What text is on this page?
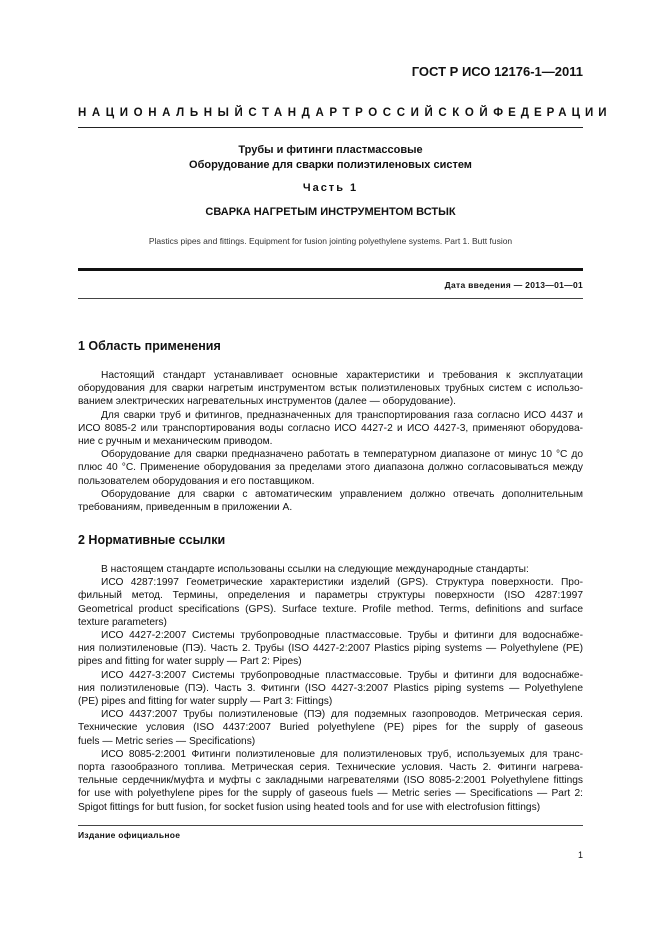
ГОСТ Р ИСО 12176-1—2011
НАЦИОНАЛЬНЫЙ СТАНДАРТ РОССИЙСКОЙ ФЕДЕРАЦИИ
Трубы и фитинги пластмассовые
Оборудование для сварки полиэтиленовых систем
Часть 1
СВАРКА НАГРЕТЫМ ИНСТРУМЕНТОМ ВСТЫК
Plastics pipes and fittings. Equipment for fusion jointing polyethylene systems. Part 1. Butt fusion
Дата введения — 2013—01—01
1 Область применения
Настоящий стандарт устанавливает основные характеристики и требования к эксплуатации
оборудования для сварки нагретым инструментом встык полиэтиленовых трубных систем с использо-
ванием электрических нагревательных инструментов (далее — оборудование).
Для сварки труб и фитингов, предназначенных для транспортирования газа согласно ИСО 4437 и
ИСО 8085-2 или транспортирования воды согласно ИСО 4427-2 и ИСО 4427-3, применяют оборудова-
ние с ручным и механическим приводом.
Оборудование для сварки предназначено работать в температурном диапазоне от минус 10 °С до
плюс 40 °С. Применение оборудования за пределами этого диапазона должно согласовываться между
пользователем оборудования и его поставщиком.
Оборудование для сварки с автоматическим управлением должно отвечать дополнительным
требованиям, приведенным в приложении А.
2 Нормативные ссылки
В настоящем стандарте использованы ссылки на следующие международные стандарты:
ИСО 4287:1997 Геометрические характеристики изделий (GPS). Структура поверхности. Про-
фильный метод. Термины, определения и параметры структуры поверхности (ISO 4287:1997
Geometrical product specifications (GPS). Surface texture. Profile method. Terms, definitions and surface
texture parameters)
ИСО 4427-2:2007 Системы трубопроводные пластмассовые. Трубы и фитинги для водоснабже-
ния полиэтиленовые (ПЭ). Часть 2. Трубы (ISO 4427-2:2007 Plastics piping systems — Polyethylene (PE)
pipes and fitting for water supply — Part 2: Pipes)
ИСО 4427-3:2007 Системы трубопроводные пластмассовые. Трубы и фитинги для водоснабже-
ния полиэтиленовые (ПЭ). Часть 3. Фитинги (ISO 4427-3:2007 Plastics piping systems — Polyethylene
(PE) pipes and fitting for water supply — Part 3: Fittings)
ИСО 4437:2007 Трубы полиэтиленовые (ПЭ) для подземных газопроводов. Метрическая серия.
Технические условия (ISO 4437:2007 Buried polyethylene (PE) pipes for the supply of gaseous
fuels — Metric series — Specifications)
ИСО 8085-2:2001 Фитинги полиэтиленовые для полиэтиленовых труб, используемых для транс-
порта газообразного топлива. Метрическая серия. Технические условия. Часть 2. Фитинги нагрева-
тельные сердечник/муфта и муфты с закладными нагревателями (ISO 8085-2:2001 Polyethylene fittings
for use with polyethylene pipes for the supply of gaseous fuels — Metric series — Specifications — Part 2:
Spigot fittings for butt fusion, for socket fusion using heated tools and for use with electrofusion fittings)
Издание официальное
1
